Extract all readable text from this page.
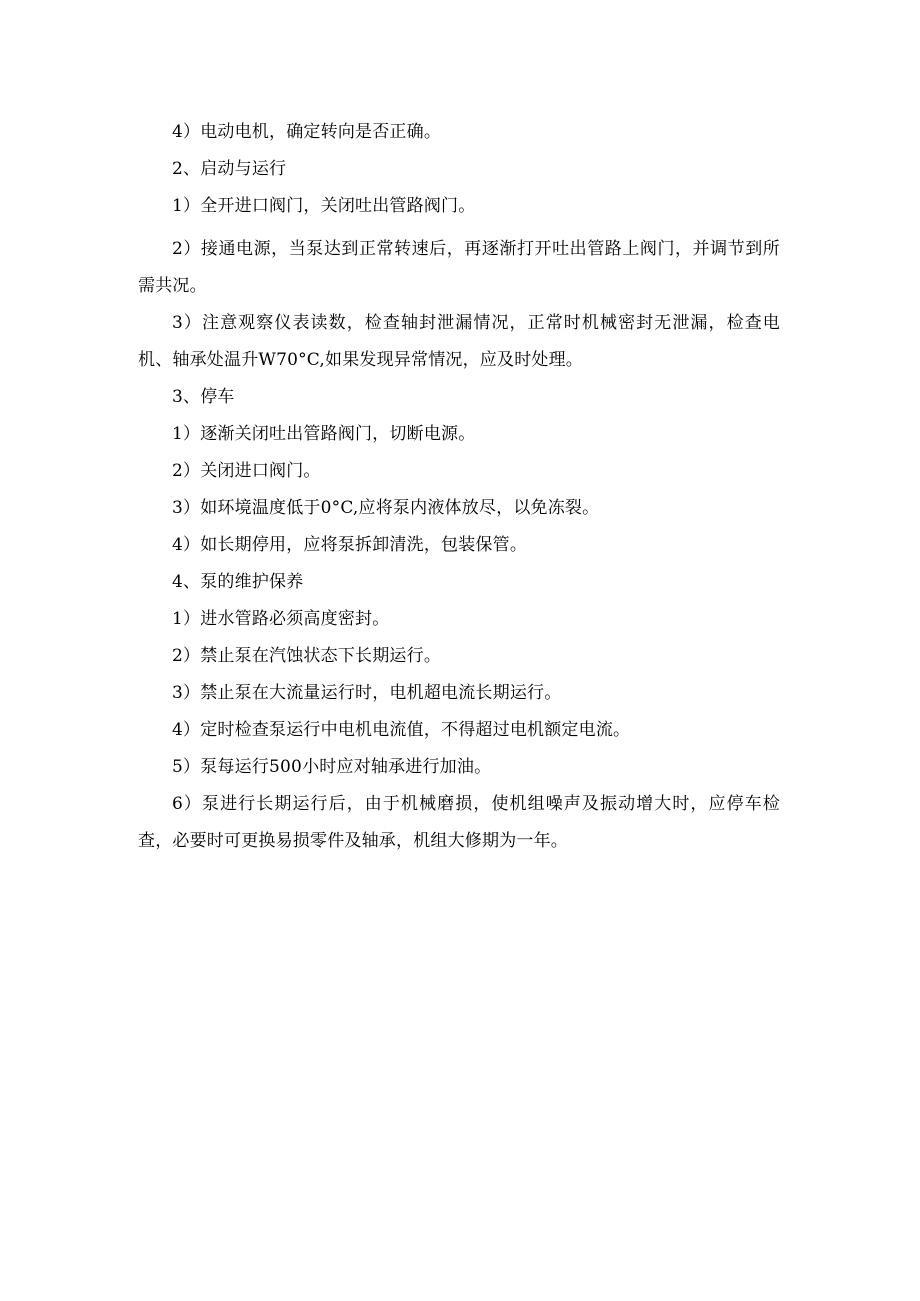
4）电动电机，确定转向是否正确。

2、启动与运行

1）全开进口阀门，关闭吐出管路阀门。

2）接通电源，当泵达到正常转速后，再逐渐打开吐出管路上阀门，并调节到所需共况。

3）注意观察仪表读数，检查轴封泄漏情况，正常时机械密封无泄漏，检查电机、轴承处温升W70°C,如果发现异常情况，应及时处理。

3、停车

1）逐渐关闭吐出管路阀门，切断电源。

2）关闭进口阀门。

3）如环境温度低于0°C,应将泵内液体放尽，以免冻裂。

4）如长期停用，应将泵拆卸清洗，包装保管。

4、泵的维护保养

1）进水管路必须高度密封。

2）禁止泵在汽蚀状态下长期运行。

3）禁止泵在大流量运行时，电机超电流长期运行。

4）定时检查泵运行中电机电流值，不得超过电机额定电流。

5）泵每运行500小时应对轴承进行加油。

6）泵进行长期运行后，由于机械磨损，使机组噪声及振动增大时，应停车检查，必要时可更换易损零件及轴承，机组大修期为一年。
